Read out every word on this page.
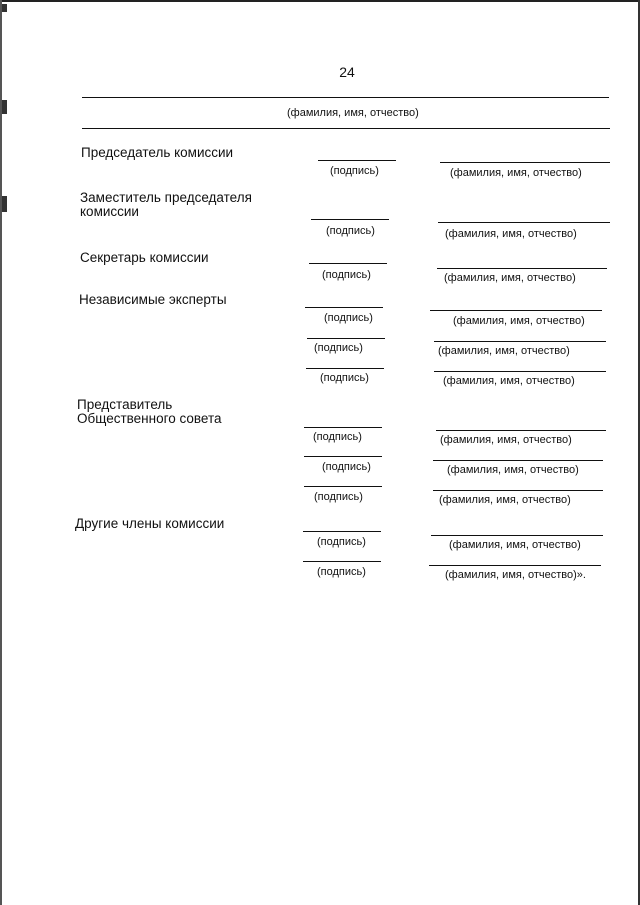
24
(фамилия, имя, отчество)
Председатель комиссии
(подпись)	(фамилия, имя, отчество)
Заместитель председателя
комиссии
(подпись)	(фамилия, имя, отчество)
Секретарь комиссии
(подпись)	(фамилия, имя, отчество)
Независимые эксперты
(подпись)	(фамилия, имя, отчество)
(подпись)	(фамилия, имя, отчество)
(подпись)	(фамилия, имя, отчество)
Представитель
Общественного совета
(подпись)	(фамилия, имя, отчество)
(подпись)	(фамилия, имя, отчество)
(подпись)	(фамилия, имя, отчество)
Другие члены комиссии
(подпись)	(фамилия, имя, отчество)
(подпись)	(фамилия, имя, отчество)».
